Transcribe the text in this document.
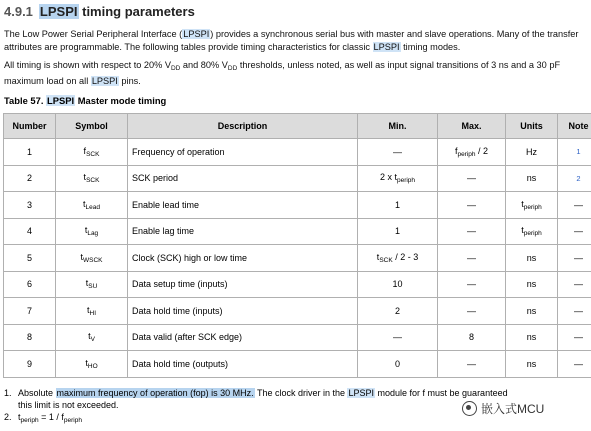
4.9.1 LPSPI timing parameters
The Low Power Serial Peripheral Interface (LPSPI) provides a synchronous serial bus with master and slave operations. Many of the transfer attributes are programmable. The following tables provide timing characteristics for classic LPSPI timing modes.
All timing is shown with respect to 20% $V_{DD}$ and 80% $V_{DD}$ thresholds, unless noted, as well as input signal transitions of 3 ns and a 30 pF maximum load on all LPSPI pins.
Table 57. LPSPI Master mode timing
Number	Symbol	Description	Min.	Max.	Units	Note
1	$f_{SCK}$	Frequency of operation	—	$f_{periph} / 2$	Hz	1
2	$t_{SCK}$	SCK period	2 x $t_{periph}$	—	ns	2
3	$t_{Lead}$	Enable lead time	1	—	$t_{periph}$	—
4	$t_{Lag}$	Enable lag time	1	—	$t_{periph}$	—
5	$t_{WSCK}$	Clock (SCK) high or low time	$t_{SCK} / 2 - 3$	—	ns	—
6	$t_{SU}$	Data setup time (inputs)	10	—	ns	—
7	$t_{HI}$	Data hold time (inputs)	2	—	ns	—
8	$t_V$	Data valid (after SCK edge)	—	8	ns	—
9	$t_{HO}$	Data hold time (outputs)	0	—	ns	—
1. Absolute maximum frequency of operation (fop) is 30 MHz. The clock driver in the LPSPI module for f must be guaranteed
this limit is not exceeded.
2. $t_{periph} = 1 / f_{periph}$
嵌入式MCU
